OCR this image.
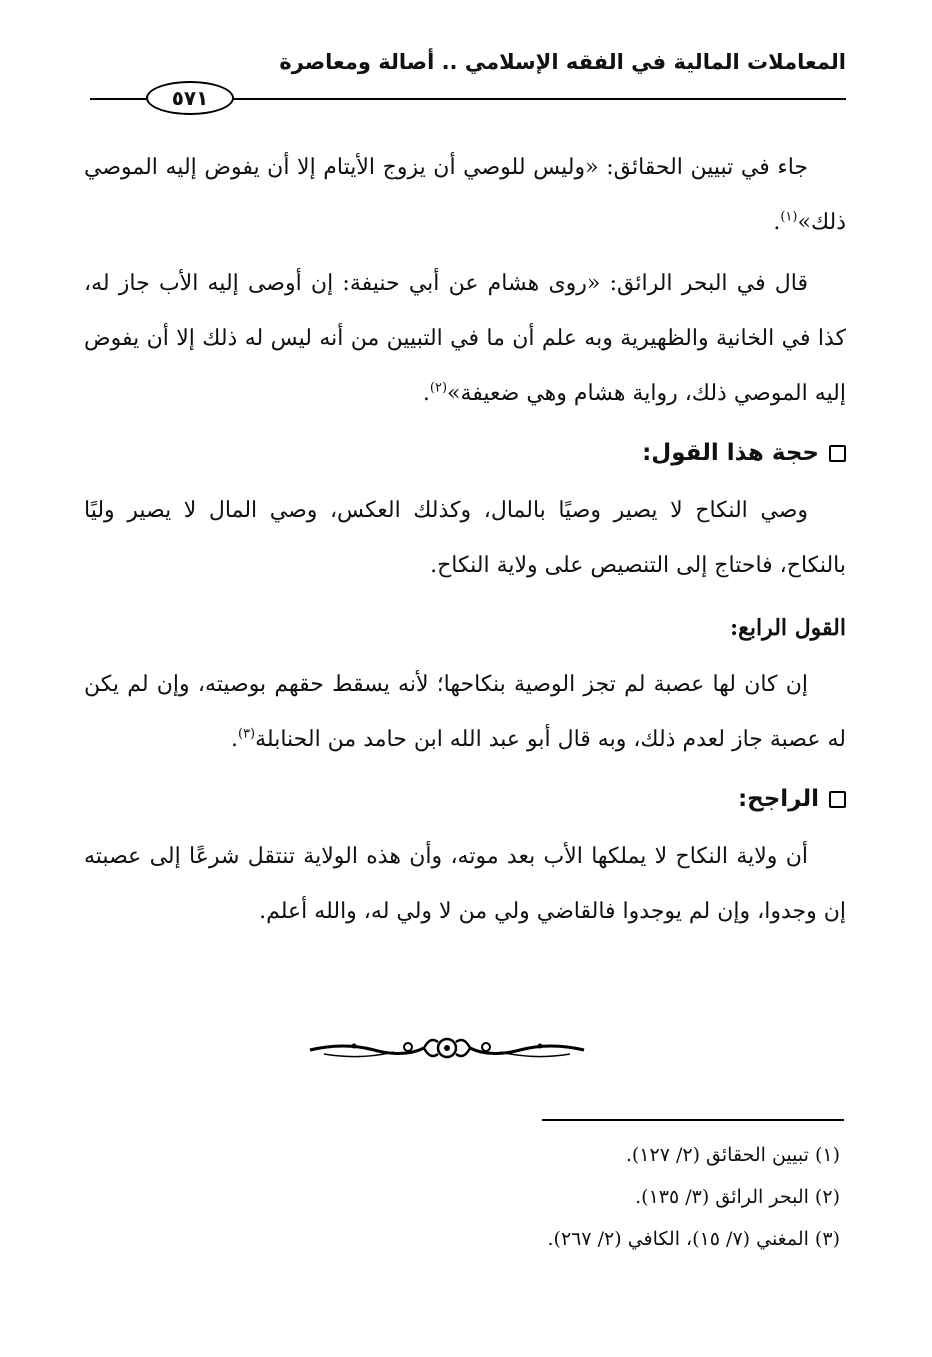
المعاملات المالية في الفقه الإسلامي .. أصالة ومعاصرة
٥٧١

جاء في تبيين الحقائق: «وليس للوصي أن يزوج الأيتام إلا أن يفوض إليه الموصي ذلك»$^{(١)}$.

قال في البحر الرائق: «روى هشام عن أبي حنيفة: إن أوصى إليه الأب جاز له، كذا في الخانية والظهيرية وبه علم أن ما في التبيين من أنه ليس له ذلك إلا أن يفوض إليه الموصي ذلك، رواية هشام وهي ضعيفة»$^{(٢)}$.

حجة هذا القول:

وصي النكاح لا يصير وصيًا بالمال، وكذلك العكس، وصي المال لا يصير وليًا بالنكاح، فاحتاج إلى التنصيص على ولاية النكاح.

القول الرابع:

إن كان لها عصبة لم تجز الوصية بنكاحها؛ لأنه يسقط حقهم بوصيته، وإن لم يكن له عصبة جاز لعدم ذلك، وبه قال أبو عبد الله ابن حامد من الحنابلة$^{(٣)}$.

الراجح:

أن ولاية النكاح لا يملكها الأب بعد موته، وأن هذه الولاية تنتقل شرعًا إلى عصبته إن وجدوا، وإن لم يوجدوا فالقاضي ولي من لا ولي له، والله أعلم.

(١) تبيين الحقائق (٢/ ١٢٧).

(٢) البحر الرائق (٣/ ١٣٥).

(٣) المغني (٧/ ١٥)، الكافي (٢/ ٢٦٧).
